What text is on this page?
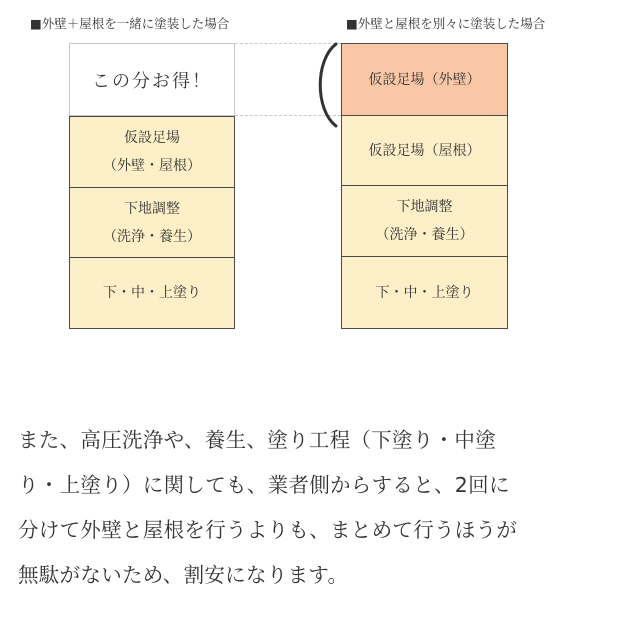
■外壁＋屋根を一緒に塗装した場合	■外壁と屋根を別々に塗装した場合
この分お得！
仮設足場
（外壁・屋根）
下地調整
（洗浄・養生）
下・中・上塗り
仮設足場（外壁）
仮設足場（屋根）
下地調整
（洗浄・養生）
下・中・上塗り

また、高圧洗浄や、養生、塗り工程（下塗り・中塗

り・上塗り）に関しても、業者側からすると、2回に

分けて外壁と屋根を行うよりも、まとめて行うほうが

無駄がないため、割安になります。
